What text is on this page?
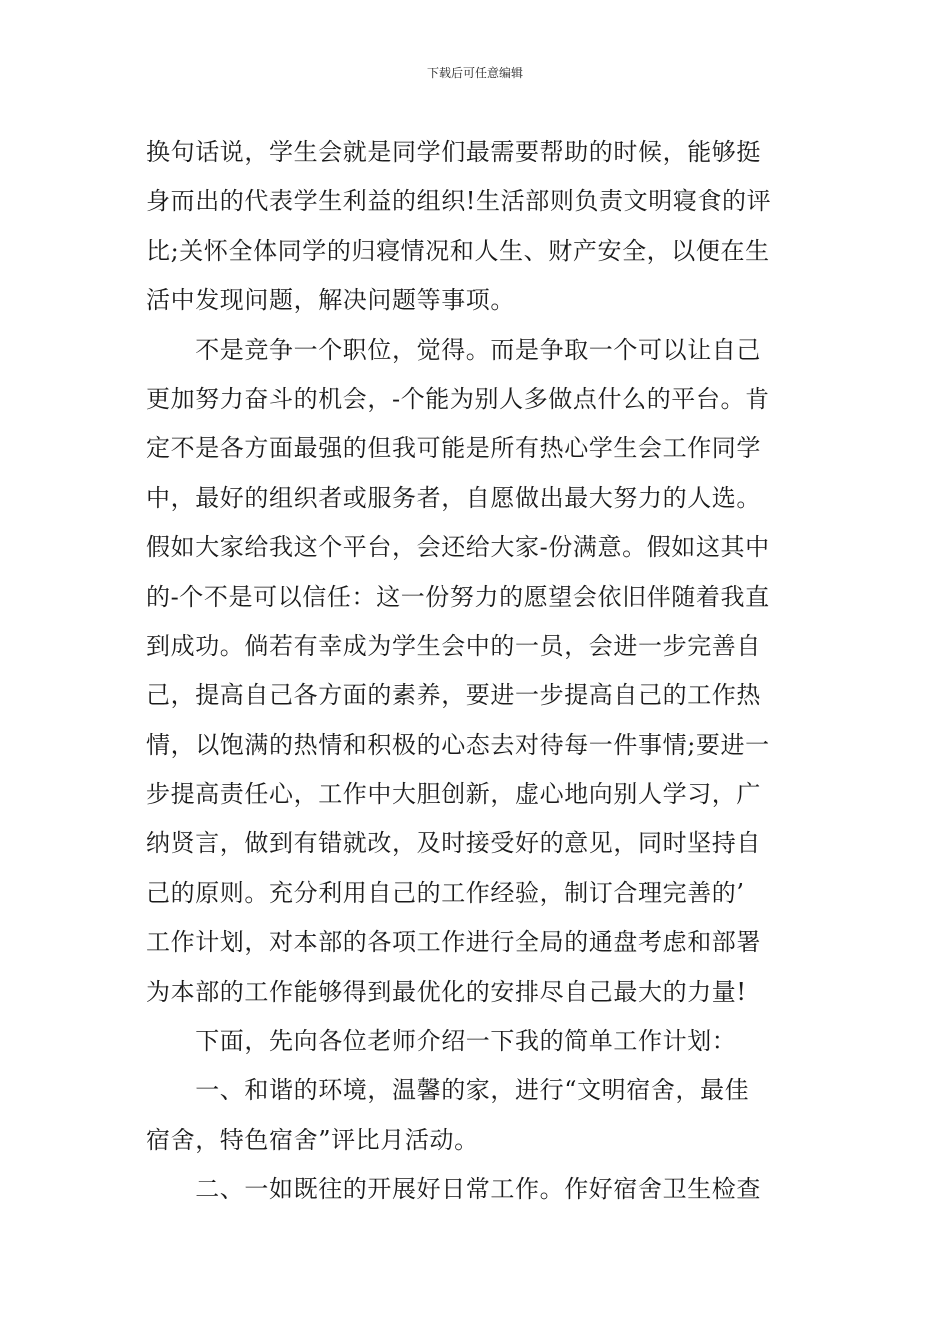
下载后可任意编辑
换句话说，学生会就是同学们最需要帮助的时候，能够挺
身而出的代表学生利益的组织!生活部则负责文明寝食的评
比;关怀全体同学的归寝情况和人生、财产安全，以便在生
活中发现问题，解决问题等事项。
　　不是竞争一个职位，觉得。而是争取一个可以让自己
更加努力奋斗的机会，-个能为别人多做点什么的平台。肯
定不是各方面最强的但我可能是所有热心学生会工作同学
中，最好的组织者或服务者，自愿做出最大努力的人选。
假如大家给我这个平台，会还给大家-份满意。假如这其中
的-个不是可以信任：这一份努力的愿望会依旧伴随着我直
到成功。倘若有幸成为学生会中的一员，会进一步完善自
己，提高自己各方面的素养，要进一步提高自己的工作热
情，以饱满的热情和积极的心态去对待每一件事情;要进一
步提高责任心，工作中大胆创新，虚心地向别人学习，广
纳贤言，做到有错就改，及时接受好的意见，同时坚持自
己的原则。充分利用自己的工作经验，制订合理完善的’
工作计划，对本部的各项工作进行全局的通盘考虑和部署
为本部的工作能够得到最优化的安排尽自己最大的力量!
　　下面，先向各位老师介绍一下我的简单工作计划：
　　一、和谐的环境，温馨的家，进行“文明宿舍，最佳
宿舍，特色宿舍”评比月活动。
　　二、一如既往的开展好日常工作。作好宿舍卫生检查
